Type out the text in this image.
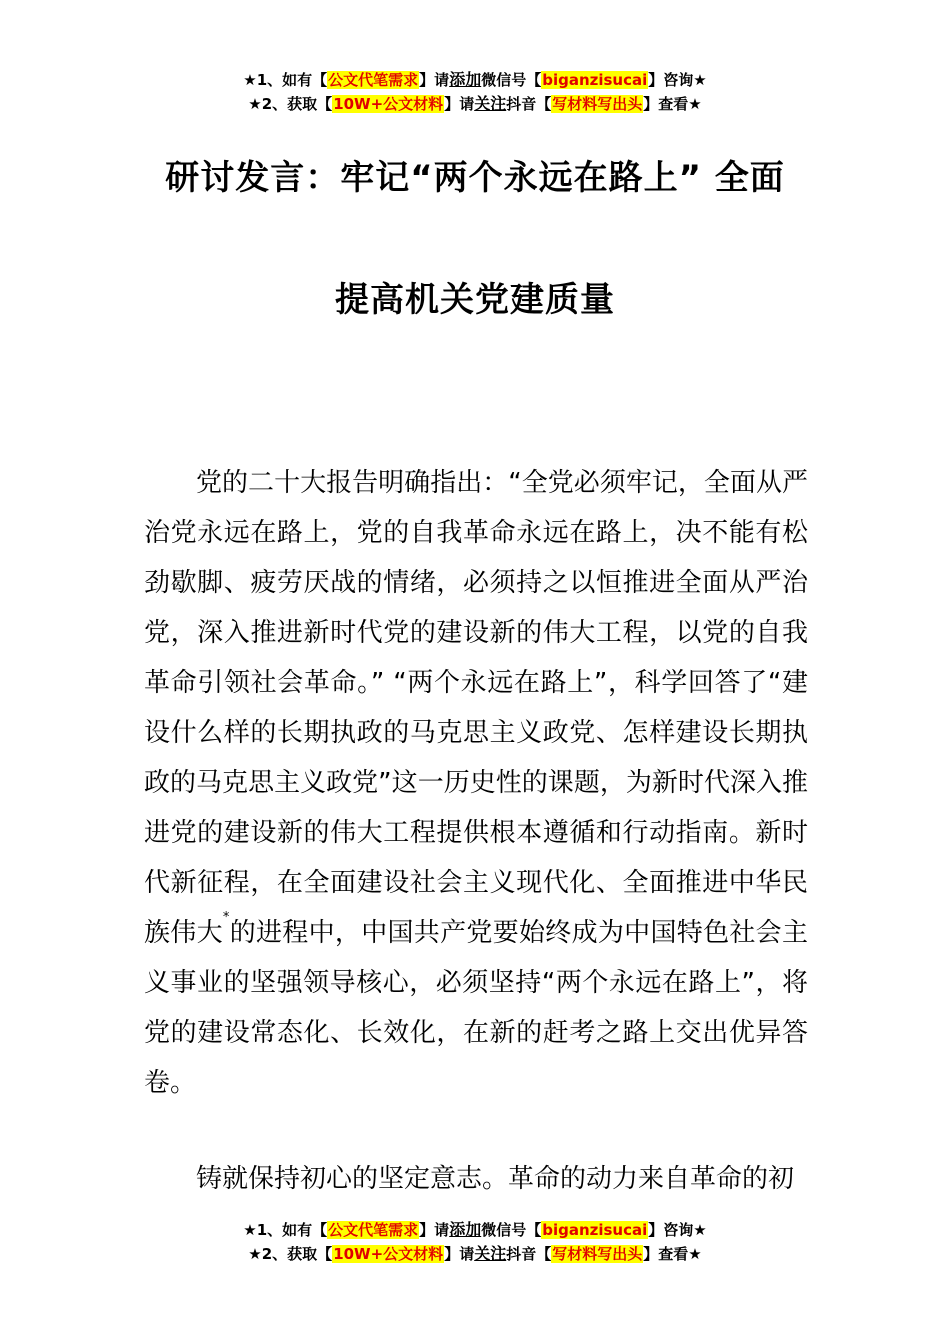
★1、如有【公文代笔需求】请添加微信号【biganzisucai】咨询★
★2、获取【10W+公文材料】请关注抖音【写材料写出头】查看★
研讨发言：牢记“两个永远在路上” 全面
提高机关党建质量
党的二十大报告明确指出：“全党必须牢记，全面从严治党永远在路上，党的自我革命永远在路上，决不能有松劲歇脚、疲劳厌战的情绪，必须持之以恒推进全面从严治党，深入推进新时代党的建设新的伟大工程，以党的自我革命引领社会革命。” “两个永远在路上”，科学回答了“建设什么样的长期执政的马克思主义政党、怎样建设长期执政的马克思主义政党”这一历史性的课题，为新时代深入推进党的建设新的伟大工程提供根本遵循和行动指南。新时代新征程，在全面建设社会主义现代化、全面推进中华民族伟大*的进程中，中国共产党要始终成为中国特色社会主义事业的坚强领导核心，必须坚持“两个永远在路上”，将党的建设常态化、长效化，在新的赶考之路上交出优异答卷。
铸就保持初心的坚定意志。革命的动力来自革命的初
★1、如有【公文代笔需求】请添加微信号【biganzisucai】咨询★
★2、获取【10W+公文材料】请关注抖音【写材料写出头】查看★
